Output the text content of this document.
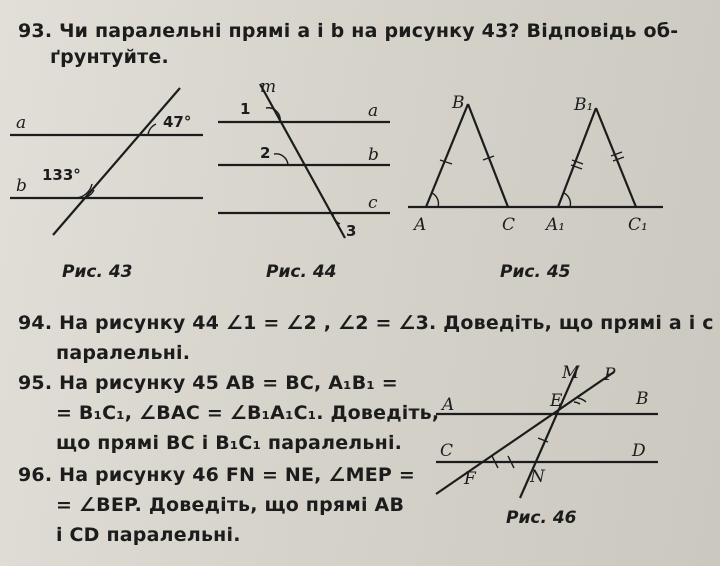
93. Чи паралельні прямі a і b на рисунку 43? Відповідь об-
ґрунтуйте.
a
b
47°
133°
Рис. 43
m
a
b
c
1
2
3
Рис. 44
B
A	C
B₁
A₁	C₁
Рис. 45
94. На рисунку 44 ∠1 = ∠2 , ∠2 = ∠3. Доведіть, що прямі a і c
паралельні.
95. На рисунку 45 AB = BC, A₁B₁ =
= B₁C₁, ∠BAC = ∠B₁A₁C₁. Доведіть,
що прямі BC і B₁C₁ паралельні.
96. На рисунку 46 FN = NE, ∠MEP =
= ∠BEP. Доведіть, що прямі AB
і CD паралельні.
M P
E
A	B
C	D
F	N
Рис. 46
